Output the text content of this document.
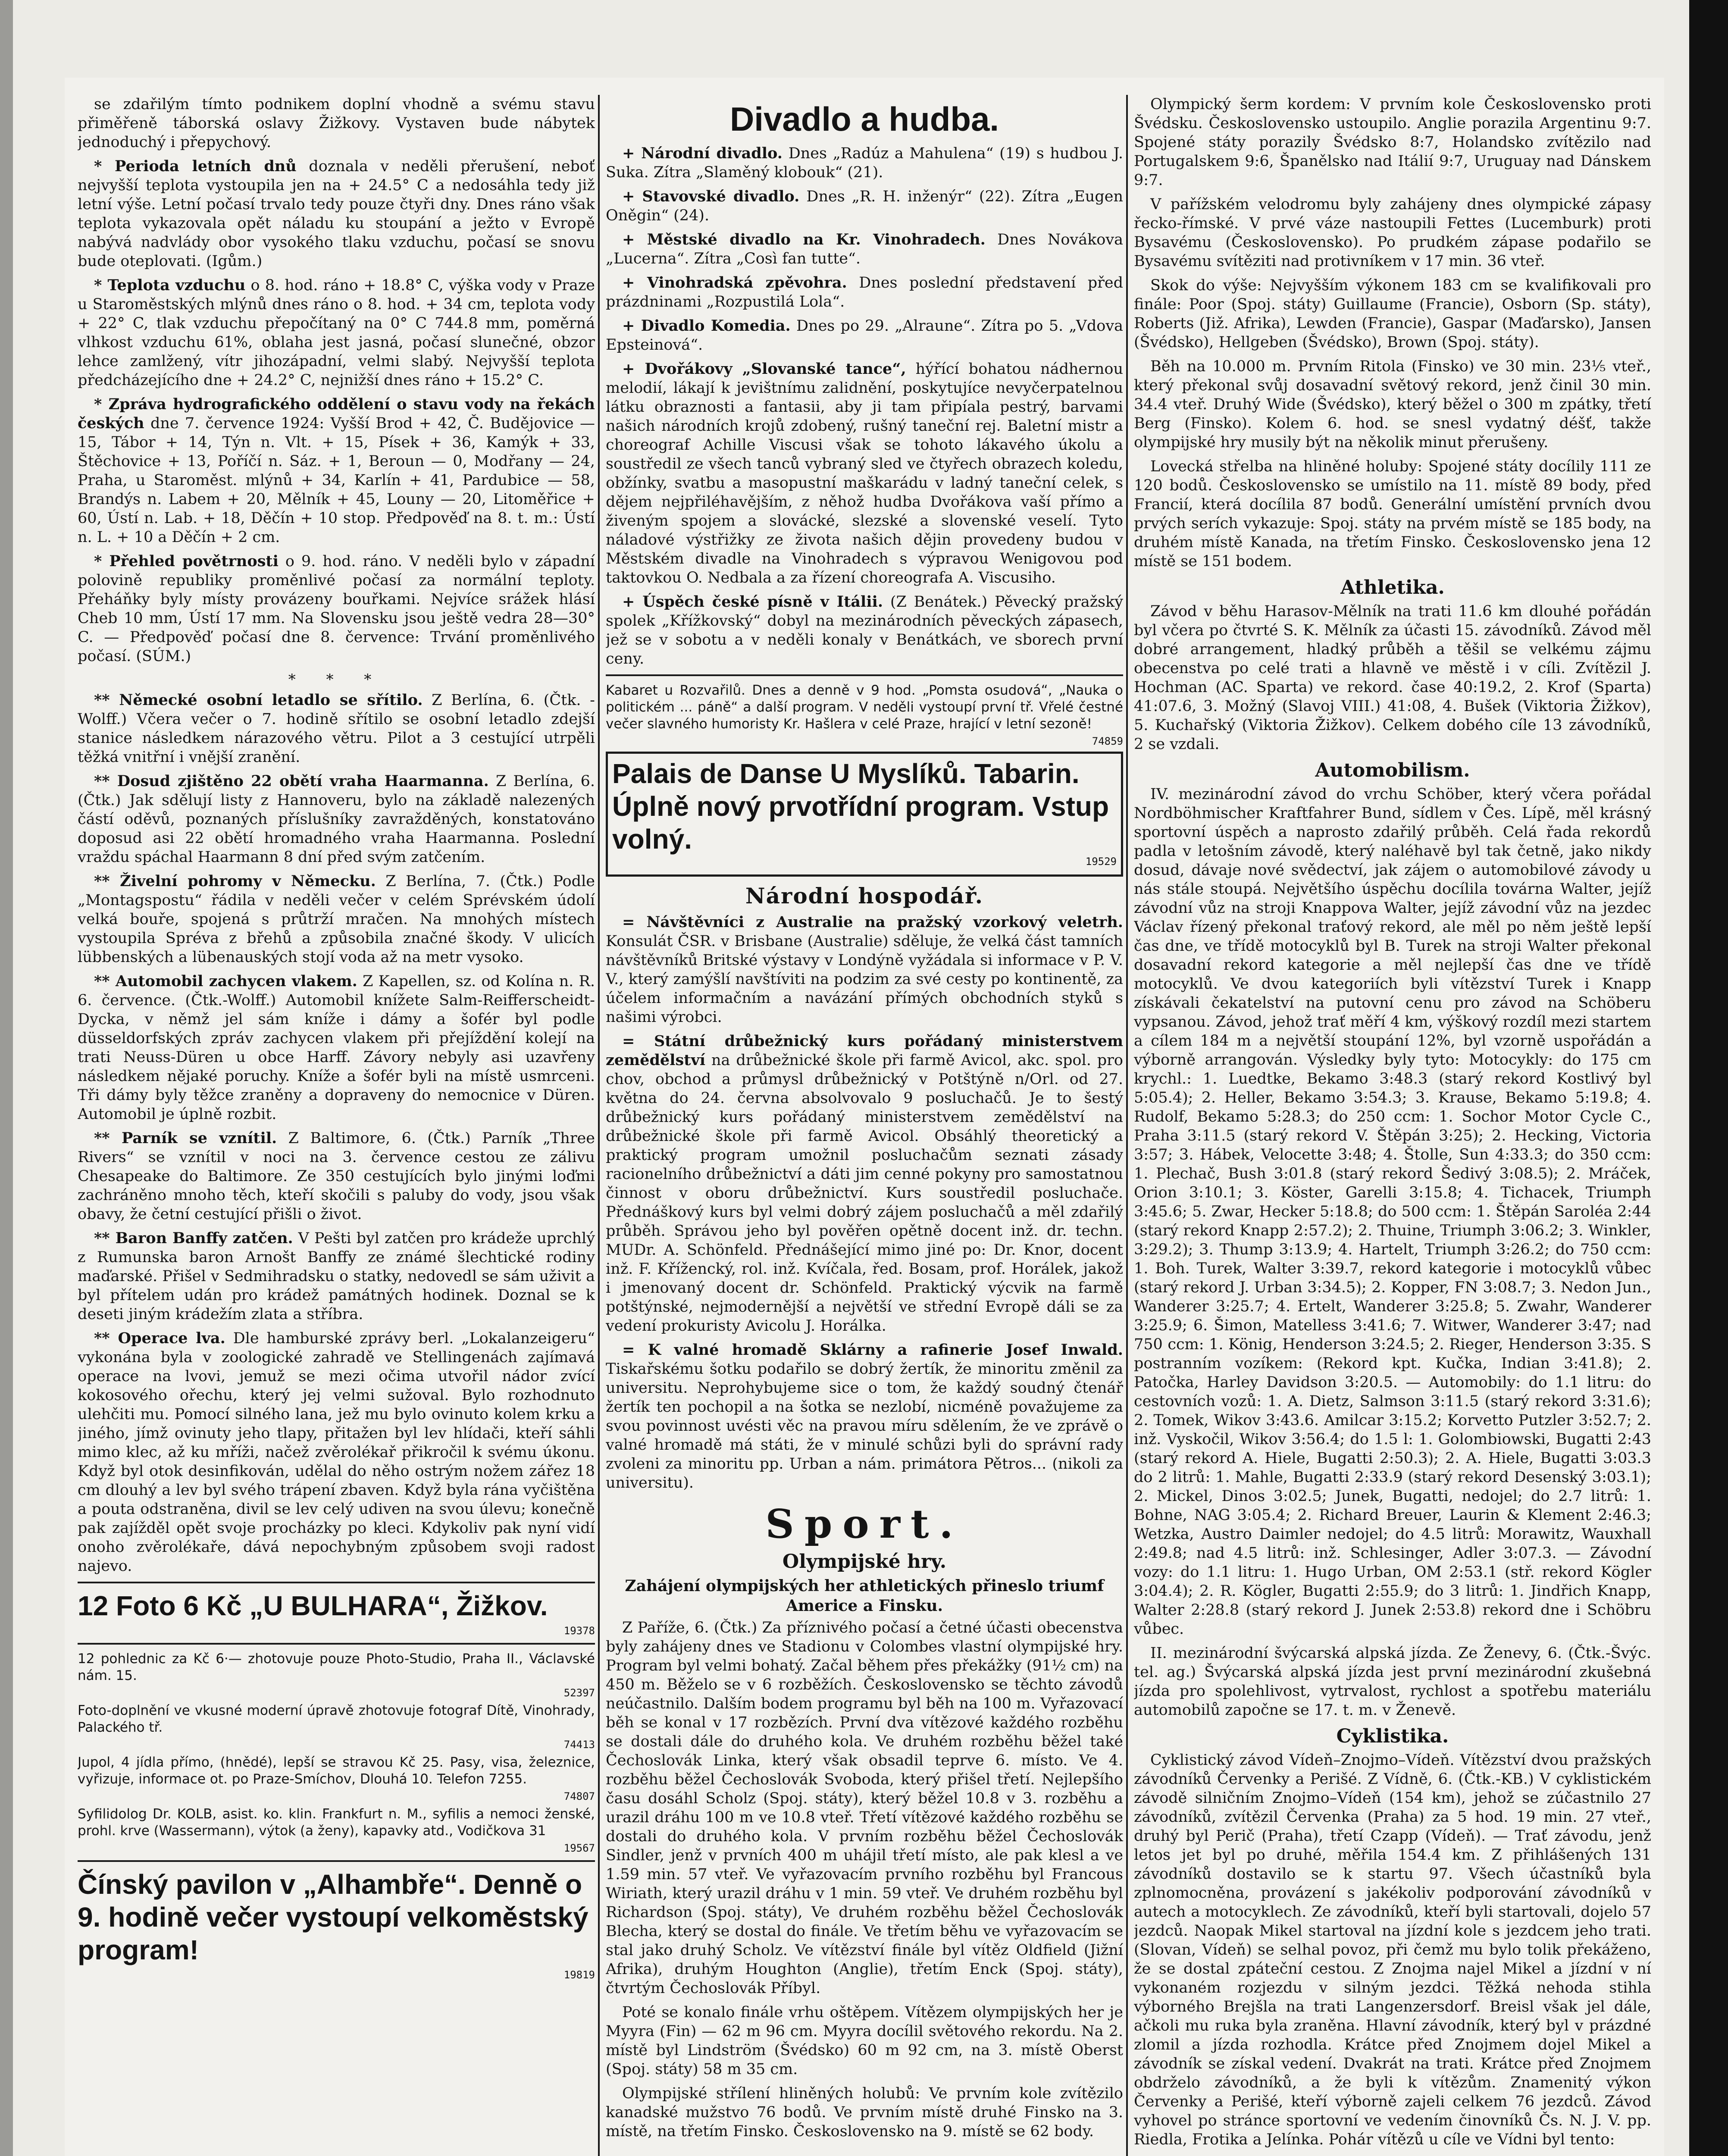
se zdařilým tímto podnikem doplní vhodně a svému stavu přiměřeně táborská oslavy Žižkovy. Vystaven bude nábytek jednoduchý i přepychový.

* Perioda letních dnů doznala v neděli přerušení, neboť nejvyšší teplota vystoupila jen na + 24.5° C a nedosáhla tedy již letní výše. Letní počasí trvalo tedy pouze čtyři dny. Dnes ráno však teplota vykazovala opět náladu ku stoupání a ježto v Evropě nabývá nadvlády obor vysokého tlaku vzduchu, počasí se snovu bude oteplovati. (Igům.)

* Teplota vzduchu o 8. hod. ráno + 18.8° C, výška vody v Praze u Staroměstských mlýnů dnes ráno o 8. hod. + 34 cm, teplota vody + 22° C, tlak vzduchu přepočítaný na 0° C 744.8 mm, poměrná vlhkost vzduchu 61%, oblaha jest jasná, počasí slunečné, obzor lehce zamlžený, vítr jihozápadní, velmi slabý. Nejvyšší teplota předcházejícího dne + 24.2° C, nejnižší dnes ráno + 15.2° C.

* Zpráva hydrografického oddělení o stavu vody na řekách českých dne 7. července 1924: Vyšší Brod + 42, Č. Budějovice — 15, Tábor + 14, Týn n. Vlt. + 15, Písek + 36, Kamýk + 33, Štěchovice + 13, Poříčí n. Sáz. + 1, Beroun — 0, Modřany — 24, Praha, u Staroměst. mlýnů + 34, Karlín + 41, Pardubice — 58, Brandýs n. Labem + 20, Mělník + 45, Louny — 20, Litoměřice + 60, Ústí n. Lab. + 18, Děčín + 10 stop. Předpověď na 8. t. m.: Ústí n. L. + 10 a Děčín + 2 cm.

* Přehled povětrnosti o 9. hod. ráno. V neděli bylo v západní polovině republiky proměnlivé počasí za normální teploty. Přeháňky byly místy provázeny bouřkami. Nejvíce srážek hlásí Cheb 10 mm, Ústí 17 mm. Na Slovensku jsou ještě vedra 28—30° C. — Předpověď počasí dne 8. července: Trvání proměnlivého počasí. (SÚM.)

* * *

** Německé osobní letadlo se sřítilo. Z Berlína, 6. (Čtk. - Wolff.) Včera večer o 7. hodině sřítilo se osobní letadlo zdejší stanice následkem nárazového větru. Pilot a 3 cestující utrpěli těžká vnitřní i vnější zranění.

** Dosud zjištěno 22 obětí vraha Haarmanna. Z Berlína, 6. (Čtk.) Jak sdělují listy z Hannoveru, bylo na základě nalezených částí oděvů, poznaných příslušníky zavražděných, konstatováno doposud asi 22 obětí hromadného vraha Haarmanna. Poslední vraždu spáchal Haarmann 8 dní před svým zatčením.

** Živelní pohromy v Německu. Z Berlína, 7. (Čtk.) Podle „Montagspostu“ řádila v neděli večer v celém Sprévském údolí velká bouře, spojená s průtrží mračen. Na mnohých místech vystoupila Spréva z břehů a způsobila značné škody. V ulicích lübbenských a lübenauských stojí voda až na metr vysoko.

** Automobil zachycen vlakem. Z Kapellen, sz. od Kolína n. R. 6. července. (Čtk.-Wolff.) Automobil knížete Salm-Reifferscheidt-Dycka, v němž jel sám kníže i dámy a šofér byl podle düsseldorfských zpráv zachycen vlakem při přejíždění kolejí na trati Neuss-Düren u obce Harff. Závory nebyly asi uzavřeny následkem nějaké poruchy. Kníže a šofér byli na místě usmrceni. Tři dámy byly těžce zraněny a dopraveny do nemocnice v Düren. Automobil je úplně rozbit.

** Parník se vznítil. Z Baltimore, 6. (Čtk.) Parník „Three Rivers“ se vznítil v noci na 3. července cestou ze zálivu Chesapeake do Baltimore. Ze 350 cestujících bylo jinými loďmi zachráněno mnoho těch, kteří skočili s paluby do vody, jsou však obavy, že četní cestující přišli o život.

** Baron Banffy zatčen. V Pešti byl zatčen pro krádeže uprchlý z Rumunska baron Arnošt Banffy ze známé šlechtické rodiny maďarské. Přišel v Sedmihradsku o statky, nedovedl se sám uživit a byl přítelem udán pro krádež památných hodinek. Doznal se k deseti jiným krádežím zlata a stříbra.

** Operace lva. Dle hamburské zprávy berl. „Lokalanzeigeru“ vykonána byla v zoologické zahradě ve Stellingenách zajímavá operace na lvovi, jemuž se mezi očima utvořil nádor zvící kokosového ořechu, který jej velmi sužoval. Bylo rozhodnuto ulehčiti mu. Pomocí silného lana, jež mu bylo ovinuto kolem krku a jiného, jímž ovinuty jeho tlapy, přitažen byl lev hlídači, kteří sáhli mimo klec, až ku mříži, načež zvěrolékař přikročil k svému úkonu. Když byl otok desinfikován, udělal do něho ostrým nožem zářez 18 cm dlouhý a lev byl svého trápení zbaven. Když byla rána vyčištěna a pouta odstraněna, divil se lev celý udiven na svou úlevu; konečně pak zajížděl opět svoje procházky po kleci. Kdykoliv pak nyní vidí onoho zvěrolékaře, dává nepochybným způsobem svoji radost najevo.

12 Foto 6 Kč „U BULHARA“, Žižkov.
19378
12 pohlednic za Kč 6·— zhotovuje pouze Photo-Studio, Praha II., Václavské nám. 15.
52397
Foto-doplnění ve vkusné moderní úpravě zhotovuje fotograf Dítě, Vinohrady, Palackého tř.
74413
Jupol, 4 jídla přímo, (hnědé), lepší se stravou Kč 25. Pasy, visa, železnice, vyřizuje, informace ot. po Praze-Smíchov, Dlouhá 10. Telefon 7255.
74807
Syfilidolog Dr. KOLB, asist. ko. klin. Frankfurt n. M., syfilis a nemoci ženské, prohl. krve (Wassermann), výtok (a ženy), kapavky atd., Vodičkova 31
19567
Čínský pavilon v „Alhambře“. Denně o 9. hodině večer vystoupí velkoměstský program!
19819
Divadlo a hudba.

+ Národní divadlo. Dnes „Radúz a Mahulena“ (19) s hudbou J. Suka. Zítra „Slaměný klobouk“ (21).

+ Stavovské divadlo. Dnes „R. H. inženýr“ (22). Zítra „Eugen Oněgin“ (24).

+ Městské divadlo na Kr. Vinohradech. Dnes Novákova „Lucerna“. Zítra „Così fan tutte“.

+ Vinohradská zpěvohra. Dnes poslední představení před prázdninami „Rozpustilá Lola“.

+ Divadlo Komedia. Dnes po 29. „Alraune“. Zítra po 5. „Vdova Epsteinová“.

+ Dvořákovy „Slovanské tance“, hýřící bohatou nádhernou melodií, lákají k jevištnímu zalidnění, poskytujíce nevyčerpatelnou látku obraznosti a fantasii, aby ji tam připíala pestrý, barvami našich národních krojů zdobený, rušný taneční rej. Baletní mistr a choreograf Achille Viscusi však se tohoto lákavého úkolu a soustředil ze všech tanců vybraný sled ve čtyřech obrazech koledu, obžínky, svatbu a masopustní maškarádu v ladný taneční celek, s dějem nejpřiléhavějším, z něhož hudba Dvořákova vaší přímo a živeným spojem a slovácké, slezské a slovenské veselí. Tyto náladové výstřižky ze života našich dějin provedeny budou v Městském divadle na Vinohradech s výpravou Wenigovou pod taktovkou O. Nedbala a za řízení choreografa A. Viscusiho.

+ Úspěch české písně v Itálii. (Z Benátek.) Pěvecký pražský spolek „Křížkovský“ dobyl na mezinárodních pěveckých zápasech, jež se v sobotu a v neděli konaly v Benátkách, ve sborech první ceny.

Kabaret u Rozvařilů. Dnes a denně v 9 hod. „Pomsta osudová“, „Nauka o politickém ... páně“ a další program. V neděli vystoupí první tř. Vřelé čestné večer slavného humoristy Kr. Hašlera v celé Praze, hrající v letní sezoně!
74859
Palais de Danse U Myslíků. Tabarin. Úplně nový prvotřídní program. Vstup volný.
19529
Národní hospodář.

= Návštěvníci z Australie na pražský vzorkový veletrh. Konsulát ČSR. v Brisbane (Australie) sděluje, že velká část tamních návštěvníků Britské výstavy v Londýně vyžádala si informace v P. V. V., který zamýšlí navštíviti na podzim za své cesty po kontinentě, za účelem informačním a navázání přímých obchodních styků s našimi výrobci.

= Státní drůbežnický kurs pořádaný ministerstvem zemědělství na drůbežnické škole při farmě Avicol, akc. spol. pro chov, obchod a průmysl drůbežnický v Potštýně n/Orl. od 27. května do 24. června absolvovalo 9 posluchačů. Je to šestý drůbežnický kurs pořádaný ministerstvem zemědělství na drůbežnické škole při farmě Avicol. Obsáhlý theoretický a praktický program umožnil posluchačům seznati zásady racionelního drůbežnictví a dáti jim cenné pokyny pro samostatnou činnost v oboru drůbežnictví. Kurs soustředil posluchače. Přednáškový kurs byl velmi dobrý zájem posluchačů a měl zdařilý průběh. Správou jeho byl pověřen opětně docent inž. dr. techn. MUDr. A. Schönfeld. Přednášející mimo jiné po: Dr. Knor, docent inž. F. Křížencký, rol. inž. Kvíčala, řed. Bosam, prof. Horálek, jakož i jmenovaný docent dr. Schönfeld. Praktický výcvik na farmě potštýnské, nejmodernější a největší ve střední Evropě dáli se za vedení prokuristy Avicolu J. Horálka.

= K valné hromadě Sklárny a rafinerie Josef Inwald. Tiskařskému šotku podařilo se dobrý žertík, že minoritu změnil za universitu. Neprohybujeme sice o tom, že každý soudný čtenář žertík ten pochopil a na šotka se nezlobí, nicméně považujeme za svou povinnost uvésti věc na pravou míru sdělením, že ve zprávě o valné hromadě má státi, že v minulé schůzi byli do správní rady zvoleni za minoritu pp. Urban a nám. primátora Pětros... (nikoli za universitu).

Sport.
Olympijské hry.
Zahájení olympijských her athletických přineslo triumf Americe a Finsku.

Z Paříže, 6. (Čtk.) Za příznivého počasí a četné účasti obecenstva byly zahájeny dnes ve Stadionu v Colombes vlastní olympijské hry. Program byl velmi bohatý. Začal během přes překážky (91½ cm) na 450 m. Běželo se v 6 rozběžích. Československo se těchto závodů neúčastnilo. Dalším bodem programu byl běh na 100 m. Vyřazovací běh se konal v 17 rozbězích. První dva vítězové každého rozběhu se dostali dále do druhého kola. Ve druhém rozběhu běžel také Čechoslovák Linka, který však obsadil teprve 6. místo. Ve 4. rozběhu běžel Čechoslovák Svoboda, který přišel třetí. Nejlepšího času dosáhl Scholz (Spoj. státy), který běžel 10.8 v 3. rozběhu a urazil dráhu 100 m ve 10.8 vteř. Třetí vítězové každého rozběhu se dostali do druhého kola. V prvním rozběhu běžel Čechoslovák Sindler, jenž v prvních 400 m uhájil třetí místo, ale pak klesl a ve 1.59 min. 57 vteř. Ve vyřazovacím prvního rozběhu byl Francous Wiriath, který urazil dráhu v 1 min. 59 vteř. Ve druhém rozběhu byl Richardson (Spoj. státy), Ve druhém rozběhu běžel Čechoslovák Blecha, který se dostal do finále. Ve třetím běhu ve vyřazovacím se stal jako druhý Scholz. Ve vítězství finále byl vítěz Oldfield (Jižní Afrika), druhým Houghton (Anglie), třetím Enck (Spoj. státy), čtvrtým Čechoslovák Příbyl.

Poté se konalo finále vrhu oštěpem. Vítězem olympijských her je Myyra (Fin) — 62 m 96 cm. Myyra docílil světového rekordu. Na 2. místě byl Lindström (Švédsko) 60 m 92 cm, na 3. místě Oberst (Spoj. státy) 58 m 35 cm.

Olympijské střílení hliněných holubů: Ve prvním kole zvítězilo kanadské mužstvo 76 bodů. Ve prvním místě druhé Finsko na 3. místě, na třetím Finsko. Československo na 9. místě se 62 body.

Olympický šerm kordem: V prvním kole Československo proti Švédsku. Československo ustoupilo. Anglie porazila Argentinu 9:7. Spojené státy porazily Švédsko 8:7, Holandsko zvítězilo nad Portugalskem 9:6, Španělsko nad Itálií 9:7, Uruguay nad Dánskem 9:7.

V pařížském velodromu byly zahájeny dnes olympické zápasy řecko-římské. V prvé váze nastoupili Fettes (Lucemburk) proti Bysavému (Československo). Po prudkém zápase podařilo se Bysavému svítěziti nad protivníkem v 17 min. 36 vteř.

Skok do výše: Nejvyšším výkonem 183 cm se kvalifikovali pro finále: Poor (Spoj. státy) Guillaume (Francie), Osborn (Sp. státy), Roberts (Již. Afrika), Lewden (Francie), Gaspar (Maďarsko), Jansen (Švédsko), Hellgeben (Švédsko), Brown (Spoj. státy).

Běh na 10.000 m. Prvním Ritola (Finsko) ve 30 min. 23⅕ vteř., který překonal svůj dosavadní světový rekord, jenž činil 30 min. 34.4 vteř. Druhý Wide (Švédsko), který běžel o 300 m zpátky, třetí Berg (Finsko). Kolem 6. hod. se snesl vydatný déšť, takže olympijské hry musily být na několik minut přerušeny.

Lovecká střelba na hliněné holuby: Spojené státy docílily 111 ze 120 bodů. Československo se umístilo na 11. místě 89 body, před Francií, která docílila 87 bodů. Generální umístění prvních dvou prvých serích vykazuje: Spoj. státy na prvém místě se 185 body, na druhém místě Kanada, na třetím Finsko. Československo jena 12 místě se 151 bodem.

Athletika.

Závod v běhu Harasov-Mělník na trati 11.6 km dlouhé pořádán byl včera po čtvrté S. K. Mělník za účasti 15. závodníků. Závod měl dobré arrangement, hladký průběh a těšil se velkému zájmu obecenstva po celé trati a hlavně ve městě i v cíli. Zvítězil J. Hochman (AC. Sparta) ve rekord. čase 40:19.2, 2. Krof (Sparta) 41:07.6, 3. Možný (Slavoj VIII.) 41:08, 4. Bušek (Viktoria Žižkov), 5. Kuchařský (Viktoria Žižkov). Celkem dobého cíle 13 závodníků, 2 se vzdali.

Automobilism.

IV. mezinárodní závod do vrchu Schöber, který včera pořádal Nordböhmischer Kraftfahrer Bund, sídlem v Čes. Lípě, měl krásný sportovní úspěch a naprosto zdařilý průběh. Celá řada rekordů padla v letošním závodě, který naléhavě byl tak četně, jako nikdy dosud, dávaje nové svědectví, jak zájem o automobilové závody u nás stále stoupá. Největšího úspěchu docílila továrna Walter, jejíž závodní vůz na stroji Knappova Walter, jejíž závodní vůz na jezdec Václav řízený překonal traťový rekord, ale měl po něm ještě lepší čas dne, ve třídě motocyklů byl B. Turek na stroji Walter překonal dosavadní rekord kategorie a měl nejlepší čas dne ve třídě motocyklů. Ve dvou kategoriích byli vítězství Turek i Knapp získávali čekatelství na putovní cenu pro závod na Schöberu vypsanou. Závod, jehož trať měří 4 km, výškový rozdíl mezi startem a cílem 184 m a největší stoupání 12%, byl vzorně uspořádán a výborně arrangován. Výsledky byly tyto: Motocykly: do 175 cm krychl.: 1. Luedtke, Bekamo 3:48.3 (starý rekord Kostlivý byl 5:05.4); 2. Heller, Bekamo 3:54.3; 3. Krause, Bekamo 5:19.8; 4. Rudolf, Bekamo 5:28.3; do 250 ccm: 1. Sochor Motor Cycle C., Praha 3:11.5 (starý rekord V. Štěpán 3:25); 2. Hecking, Victoria 3:57; 3. Hábek, Velocette 3:48; 4. Štolle, Sun 4:33.3; do 350 ccm: 1. Plechač, Bush 3:01.8 (starý rekord Šedivý 3:08.5); 2. Mráček, Orion 3:10.1; 3. Köster, Garelli 3:15.8; 4. Tichacek, Triumph 3:45.6; 5. Zwar, Hecker 5:18.8; do 500 ccm: 1. Štěpán Saroléa 2:44 (starý rekord Knapp 2:57.2); 2. Thuine, Triumph 3:06.2; 3. Winkler, 3:29.2); 3. Thump 3:13.9; 4. Hartelt, Triumph 3:26.2; do 750 ccm: 1. Boh. Turek, Walter 3:39.7, rekord kategorie i motocyklů vůbec (starý rekord J. Urban 3:34.5); 2. Kopper, FN 3:08.7; 3. Nedon Jun., Wanderer 3:25.7; 4. Ertelt, Wanderer 3:25.8; 5. Zwahr, Wanderer 3:25.9; 6. Šimon, Matelless 3:41.6; 7. Witwer, Wanderer 3:47; nad 750 ccm: 1. König, Henderson 3:24.5; 2. Rieger, Henderson 3:35. S postranním vozíkem: (Rekord kpt. Kučka, Indian 3:41.8); 2. Patočka, Harley Davidson 3:20.5. — Automobily: do 1.1 litru: do cestovních vozů: 1. A. Dietz, Salmson 3:11.5 (starý rekord 3:31.6); 2. Tomek, Wikov 3:43.6. Amilcar 3:15.2; Korvetto Putzler 3:52.7; 2. inž. Vyskočil, Wikov 3:56.4; do 1.5 l: 1. Golombiowski, Bugatti 2:43 (starý rekord A. Hiele, Bugatti 2:50.3); 2. A. Hiele, Bugatti 3:03.3 do 2 litrů: 1. Mahle, Bugatti 2:33.9 (starý rekord Desenský 3:03.1); 2. Mickel, Dinos 3:02.5; Junek, Bugatti, nedojel; do 2.7 litrů: 1. Bohne, NAG 3:05.4; 2. Richard Breuer, Laurin & Klement 2:46.3; Wetzka, Austro Daimler nedojel; do 4.5 litrů: Morawitz, Wauxhall 2:49.8; nad 4.5 litrů: inž. Schlesinger, Adler 3:07.3. — Závodní vozy: do 1.1 litru: 1. Hugo Urban, OM 2:53.1 (stř. rekord Kögler 3:04.4); 2. R. Kögler, Bugatti 2:55.9; do 3 litrů: 1. Jindřich Knapp, Walter 2:28.8 (starý rekord J. Junek 2:53.8) rekord dne i Schöbru vůbec.

II. mezinárodní švýcarská alpská jízda. Ze Ženevy, 6. (Čtk.-Švýc. tel. ag.) Švýcarská alpská jízda jest první mezinárodní zkušebná jízda pro spolehlivost, vytrvalost, rychlost a spotřebu materiálu automobilů započne se 17. t. m. v Ženevě.

Cyklistika.

Cyklistický závod Vídeň–Znojmo–Vídeň. Vítězství dvou pražských závodníků Červenky a Perišé. Z Vídně, 6. (Čtk.-KB.) V cyklistickém závodě silničním Znojmo–Vídeň (154 km), jehož se zúčastnilo 27 závodníků, zvítězil Červenka (Praha) za 5 hod. 19 min. 27 vteř., druhý byl Perič (Praha), třetí Czapp (Vídeň). — Trať závodu, jenž letos jet byl po druhé, měřila 154.4 km. Z přihlášených 131 závodníků dostavilo se k startu 97. Všech účastníků byla zplnomocněna, provázení s jakékoliv podporování závodníků v autech a motocyklech. Ze závodníků, kteří byli startovali, dojelo 57 jezdců. Naopak Mikel startoval na jízdní kole s jezdcem jeho trati. (Slovan, Vídeň) se selhal povoz, při čemž mu bylo tolik překáženo, že se dostal zpáteční cestou. Z Znojma najel Mikel a jízdní v ní vykonaném rozjezdu v silným jezdci. Těžká nehoda stihla výborného Brejšla na trati Langenzersdorf. Breisl však jel dále, ačkoli mu ruka byla zraněna. Hlavní závodník, který byl v prázdné zlomil a jízda rozhodla. Krátce před Znojmem dojel Mikel a závodník se získal vedení. Dvakrát na trati. Krátce před Znojmem obdrželo závodníků, a že byli k vítězům. Znamenitý výkon Červenky a Perišé, kteří výborně zajeli celkem 76 jezdců. Závod vyhovel po stránce sportovní ve vedením činovníků Čs. N. J. V. pp. Riedla, Frotika a Jelínka. Pohár vítězů u cíle ve Vídni byl tento:
